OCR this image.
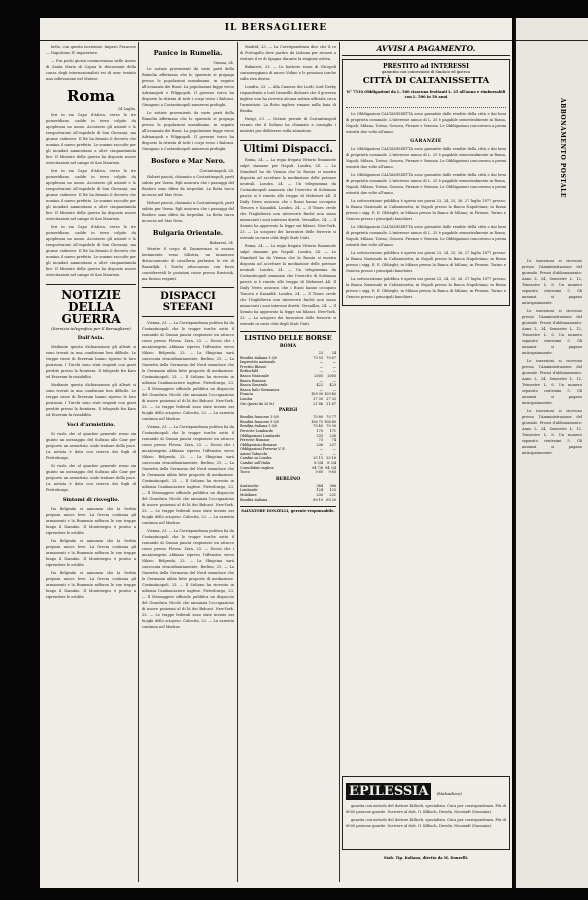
IL BERSAGLIERE

bello, con questa iscrizione: Impero Francese — Napoleone IV imperatore.

— Fra pochi giorni cominceranno nelle Assise di Santa Maria di Capua le discussioni della causa degli internazionalisti rei di aver tentato una sollevazione nel Matese.

Roma
24 Luglio.

Ieri in via Capo d'Africa, verso le tre pomeridiane, cadde in terra colpito da apoplessia un uomo. Accorsero gli astanti e lo trasportarono all'ospedale di San Giovanni, ma giunse cadavere. Il Re ha firmato il decreto che nomina il nuovo prefetto. Le somme raccolte per gli inondati ammontano a oltre cinquantamila lire. Il Ministro della guerra ha disposto nuove esercitazioni nel campo di San Maurizio.

Ieri in via Capo d'Africa, verso le tre pomeridiane, cadde in terra colpito da apoplessia un uomo. Accorsero gli astanti e lo trasportarono all'ospedale di San Giovanni, ma giunse cadavere. Il Re ha firmato il decreto che nomina il nuovo prefetto. Le somme raccolte per gli inondati ammontano a oltre cinquantamila lire. Il Ministro della guerra ha disposto nuove esercitazioni nel campo di San Maurizio.

Ieri in via Capo d'Africa, verso le tre pomeridiane, cadde in terra colpito da apoplessia un uomo. Accorsero gli astanti e lo trasportarono all'ospedale di San Giovanni, ma giunse cadavere. Il Re ha firmato il decreto che nomina il nuovo prefetto. Le somme raccolte per gli inondati ammontano a oltre cinquantamila lire. Il Ministro della guerra ha disposto nuove esercitazioni nel campo di San Maurizio.

NOTIZIE DELLA GUERRA
(Servizio telegrafico per Il Bersagliere)
Dall'Asia.

Mediante questa dichiarazione gli alleati si sono trovati in una condizione ben difficile. Le truppe russe di Erzerum hanno ripreso le loro posizioni. I Turchi sono stati respinti con gravi perdite presso la frontiera. Il telegrafo fra Kars ed Erzerum fu ristabilito.

Mediante questa dichiarazione gli alleati si sono trovati in una condizione ben difficile. Le truppe russe di Erzerum hanno ripreso le loro posizioni. I Turchi sono stati respinti con gravi perdite presso la frontiera. Il telegrafo fra Kars ed Erzerum fu ristabilito.

Voci d'armistizio.

Si vuole che al quartier generale russo sia giunto un messaggio del Sultano allo Czar per proporre un armistizio, onde trattare della pace. La notizia è data con riserva dai fogli di Pietroburgo.

Si vuole che al quartier generale russo sia giunto un messaggio del Sultano allo Czar per proporre un armistizio, onde trattare della pace. La notizia è data con riserva dai fogli di Pietroburgo.

Sintomi di risveglio.

Da Belgrado si annunzia che la Serbia prepara nuove leve. La Grecia continua gli armamenti e la Rumenia rafforza le sue truppe lungo il Danubio. Il Montenegro è pronto a riprendere le ostilità.

Da Belgrado si annunzia che la Serbia prepara nuove leve. La Grecia continua gli armamenti e la Rumenia rafforza le sue truppe lungo il Danubio. Il Montenegro è pronto a riprendere le ostilità.

Da Belgrado si annunzia che la Serbia prepara nuove leve. La Grecia continua gli armamenti e la Rumenia rafforza le sue truppe lungo il Danubio. Il Montenegro è pronto a riprendere le ostilità.

Panico in Rumelia.
Vienna, 24.

Le notizie provenienti da varie parti della Rumelia affermano che lo spavento si propaga presso le popolazioni musulmane, in seguito all'avanzata dei Russi. La popolazione fugge verso Adrianopoli e Filippopoli. Il governo turco ha disposto la ritirata di tutti i corpi verso i Balcani. Giungono a Costantinopoli numerosi profughi.

Le notizie provenienti da varie parti della Rumelia affermano che lo spavento si propaga presso le popolazioni musulmane, in seguito all'avanzata dei Russi. La popolazione fugge verso Adrianopoli e Filippopoli. Il governo turco ha disposto la ritirata di tutti i corpi verso i Balcani. Giungono a Costantinopoli numerosi profughi.

Bosforo e Mar Nero.
Costantinopoli, 24.

Hobart pascià, chiamato a Costantinopoli, partì subito per Varna. Egli assicura che i passaggi del Bosforo sono difesi da torpedini. La flotta turca incrocia nel Mar Nero.

Hobart pascià, chiamato a Costantinopoli, partì subito per Varna. Egli assicura che i passaggi del Bosforo sono difesi da torpedini. La flotta turca incrocia nel Mar Nero.

Bulgaria Orientale.
Bukarest, 24.

Mentre il corpo di Zimmerman si avanza lentamente verso Silistria, un numeroso distaccamento di cavalleria perlustra le vie di Bazardjik. I Turchi attaccarono con forze considerevoli le posizioni russe presso Rustciuk, ma furono respinti.

DISPACCI STEFANI

Vienna, 23. — La Corrispondenza politica ha da Costantinopoli che le truppe turche sotto il comando di Osman pascià respinsero un attacco russo presso Plevna. Zara, 23. — Dicesi che i montenegrini abbiano ripreso l'offensiva verso Niksic. Belgrado, 23. — La Skupcina sarà convocata straordinariamente. Berlino, 23. — La Gazzetta della Germania del Nord smentisce che la Germania abbia fatto proposte di mediazione. Costantinopoli, 23. — Il Sultano ha ricevuto in udienza l'ambasciatore inglese. Pietroburgo, 23. — Il Messaggero ufficiale pubblica un dispaccio del Granduca Nicolò che annunzia l'occupazione di nuove posizioni al di là dei Balcani. New-York, 23. — Le truppe federali sono state inviate nei luoghi dello sciopero. Calcutta, 23. — La carestia continua nel Madras.

Vienna, 23. — La Corrispondenza politica ha da Costantinopoli che le truppe turche sotto il comando di Osman pascià respinsero un attacco russo presso Plevna. Zara, 23. — Dicesi che i montenegrini abbiano ripreso l'offensiva verso Niksic. Belgrado, 23. — La Skupcina sarà convocata straordinariamente. Berlino, 23. — La Gazzetta della Germania del Nord smentisce che la Germania abbia fatto proposte di mediazione. Costantinopoli, 23. — Il Sultano ha ricevuto in udienza l'ambasciatore inglese. Pietroburgo, 23. — Il Messaggero ufficiale pubblica un dispaccio del Granduca Nicolò che annunzia l'occupazione di nuove posizioni al di là dei Balcani. New-York, 23. — Le truppe federali sono state inviate nei luoghi dello sciopero. Calcutta, 23. — La carestia continua nel Madras.

Vienna, 23. — La Corrispondenza politica ha da Costantinopoli che le truppe turche sotto il comando di Osman pascià respinsero un attacco russo presso Plevna. Zara, 23. — Dicesi che i montenegrini abbiano ripreso l'offensiva verso Niksic. Belgrado, 23. — La Skupcina sarà convocata straordinariamente. Berlino, 23. — La Gazzetta della Germania del Nord smentisce che la Germania abbia fatto proposte di mediazione. Costantinopoli, 23. — Il Sultano ha ricevuto in udienza l'ambasciatore inglese. Pietroburgo, 23. — Il Messaggero ufficiale pubblica un dispaccio del Granduca Nicolò che annunzia l'occupazione di nuove posizioni al di là dei Balcani. New-York, 23. — Le truppe federali sono state inviate nei luoghi dello sciopero. Calcutta, 23. — La carestia continua nel Madras.

Madrid, 23. — La Corrispondenza dice che il re di Portogallo deve partire da Lisbona per recarsi a visitare il re di Spagna durante la stagione estiva.

Bukarest, 23. — Le batterie russe di Nicopoli cannoneggiano di nuovo Vidino e le posizioni turche sulla riva destra.

Londra, 23. — Alla Camera dei Lordi, lord Derby rispondendo a lord Granville dichiarò che il governo inglese non ha ricevuto alcuna notizia ufficiale circa l'armistizio. La flotta inglese rimane nella baia di Besika.

Parigi, 23. — Notizie private di Costantinopoli recano che il Sultano ha chiamato a consiglio i ministri per deliberare sulla situazione.

Ultimi Dispacci.

Roma, 24. — La regia fregata Vittorio Emanuele salpò stamane per Napoli. Londra, 24. — Lo Standard ha da Vienna che la Russia si mostra disposta ad accettare la mediazione delle potenze neutrali. Londra, 24. — Un telegramma da Costantinopoli annunzia che l'esercito di Suleiman pascià si è riunito alle truppe di Mehemet Alì. Il Daily News assicura che i Russi hanno occupato Tirnova e Kasanlik. Londra, 24. — Il Times crede che l'Inghilterra non interverrà finchè non siano minacciati i suoi interessi diretti. Versailles, 24. — Il Senato ha approvato la legge sui bilanci. New-York, 23. — Lo sciopero dei lavoratori delle ferrovie si estende in varie città degli Stati Uniti.

Roma, 24. — La regia fregata Vittorio Emanuele salpò stamane per Napoli. Londra, 24. — Lo Standard ha da Vienna che la Russia si mostra disposta ad accettare la mediazione delle potenze neutrali. Londra, 24. — Un telegramma da Costantinopoli annunzia che l'esercito di Suleiman pascià si è riunito alle truppe di Mehemet Alì. Il Daily News assicura che i Russi hanno occupato Tirnova e Kasanlik. Londra, 24. — Il Times crede che l'Inghilterra non interverrà finchè non siano minacciati i suoi interessi diretti. Versailles, 24. — Il Senato ha approvato la legge sui bilanci. New-York, 23. — Lo sciopero dei lavoratori delle ferrovie si estende in varie città degli Stati Uniti.

LISTINO DELLE BORSE
ROMA
	23	24
Rendita italiana 5 0/0	79 55	79 67
Imprestito nazionale	—	—
Prestito Blount	—	—
Rothschild	—	—
Banca Nazionale	2005	2005
Banca Romana	—	—
Banca Generale	422	423
Banca Italo-Germanica	—	—
Francia	109 30	109 40
Londra	27 30	27 32
Oro (pezzi da 20 fr.)	21 86	21 87
PARIGI
Rendita francese 3 0/0	70 80	70 77
Rendita francese 5 0/0	106 75	106 80
Rendita italiana 5 0/0	70 40	70 30
Ferrovie Lombarde	170	171
Obbligazioni Lombarde	235	236
Ferrovie Romane	73	74
Obbligazioni Romane	236	237
Obbligazioni Ferrovie V. E.	—	—
Azioni Tabacchi	—	—
Cambio su Londra	25 15	25 16
Cambio sull'Italia	8 3/4	8 3/4
Consolidato inglese	94 7/8	94 3/4
Turco	9 60	9 65
BERLINO
Austriache	384	386
Lombarde	124	125
Mobiliare	230	231
Rendita italiana	69 10	69 20
SALVATORE DONZELLI, gerente-responsabile.
AVVISI A PAGAMENTO.
PRESTITO ad INTERESSI
garantito con concessione di Sindaco ed ipoteca
CITTÀ DI CALTANISSETTA
N° 7510 Obbligazioni da L. 500 ciascuna fruttanti L. 25 all'anno e rimborsabili con L. 500 in 50 anni

Le Obbligazioni CALTANISSETTA sono garantite dalle rendite della città e dai beni di proprietà comunale. L'interesse annuo di L. 25 è pagabile semestralmente in Roma, Napoli, Milano, Torino, Genova, Firenze e Venezia. Le Obbligazioni concorrono a premi estratti due volte all'anno.

GARANZIE

Le Obbligazioni CALTANISSETTA sono garantite dalle rendite della città e dai beni di proprietà comunale. L'interesse annuo di L. 25 è pagabile semestralmente in Roma, Napoli, Milano, Torino, Genova, Firenze e Venezia. Le Obbligazioni concorrono a premi estratti due volte all'anno.

Le Obbligazioni CALTANISSETTA sono garantite dalle rendite della città e dai beni di proprietà comunale. L'interesse annuo di L. 25 è pagabile semestralmente in Roma, Napoli, Milano, Torino, Genova, Firenze e Venezia. Le Obbligazioni concorrono a premi estratti due volte all'anno.

La sottoscrizione pubblica è aperta nei giorni 23, 24, 25, 26, 27 luglio 1877 presso: la Banca Nazionale in Caltanissetta; in Napoli presso la Banca Napoletana; in Roma presso i sigg. E. E. Oblieght; in Milano presso la Banca di Milano; in Firenze, Torino e Genova presso i principali banchieri.

Le Obbligazioni CALTANISSETTA sono garantite dalle rendite della città e dai beni di proprietà comunale. L'interesse annuo di L. 25 è pagabile semestralmente in Roma, Napoli, Milano, Torino, Genova, Firenze e Venezia. Le Obbligazioni concorrono a premi estratti due volte all'anno.

La sottoscrizione pubblica è aperta nei giorni 23, 24, 25, 26, 27 luglio 1877 presso: la Banca Nazionale in Caltanissetta; in Napoli presso la Banca Napoletana; in Roma presso i sigg. E. E. Oblieght; in Milano presso la Banca di Milano; in Firenze, Torino e Genova presso i principali banchieri.

La sottoscrizione pubblica è aperta nei giorni 23, 24, 25, 26, 27 luglio 1877 presso: la Banca Nazionale in Caltanissetta; in Napoli presso la Banca Napoletana; in Roma presso i sigg. E. E. Oblieght; in Milano presso la Banca di Milano; in Firenze, Torino e Genova presso i principali banchieri.

EPILESSIA (Malcaduco)

guarita con metodo del dottore Killisch, specialista. Cura per corrispondenza. Più di 8000 persone guarite. Scrivere al dott. O. Killisch, Dresda, Neustadt (Sassonia).

guarita con metodo del dottore Killisch, specialista. Cura per corrispondenza. Più di 8000 persone guarite. Scrivere al dott. O. Killisch, Dresda, Neustadt (Sassonia).

Stab. Tip. Italiano, diretto da M. Donzelli.
ABBONAMENTO POSTALE

Le inserzioni si ricevono presso l'Amministrazione del giornale. Prezzi d'abbonamento: Anno L. 24, Semestre L. 12, Trimestre L. 6. Un numero separato centesimi 5. Gli annunzi si pagano anticipatamente.

Le inserzioni si ricevono presso l'Amministrazione del giornale. Prezzi d'abbonamento: Anno L. 24, Semestre L. 12, Trimestre L. 6. Un numero separato centesimi 5. Gli annunzi si pagano anticipatamente.

Le inserzioni si ricevono presso l'Amministrazione del giornale. Prezzi d'abbonamento: Anno L. 24, Semestre L. 12, Trimestre L. 6. Un numero separato centesimi 5. Gli annunzi si pagano anticipatamente.

Le inserzioni si ricevono presso l'Amministrazione del giornale. Prezzi d'abbonamento: Anno L. 24, Semestre L. 12, Trimestre L. 6. Un numero separato centesimi 5. Gli annunzi si pagano anticipatamente.
